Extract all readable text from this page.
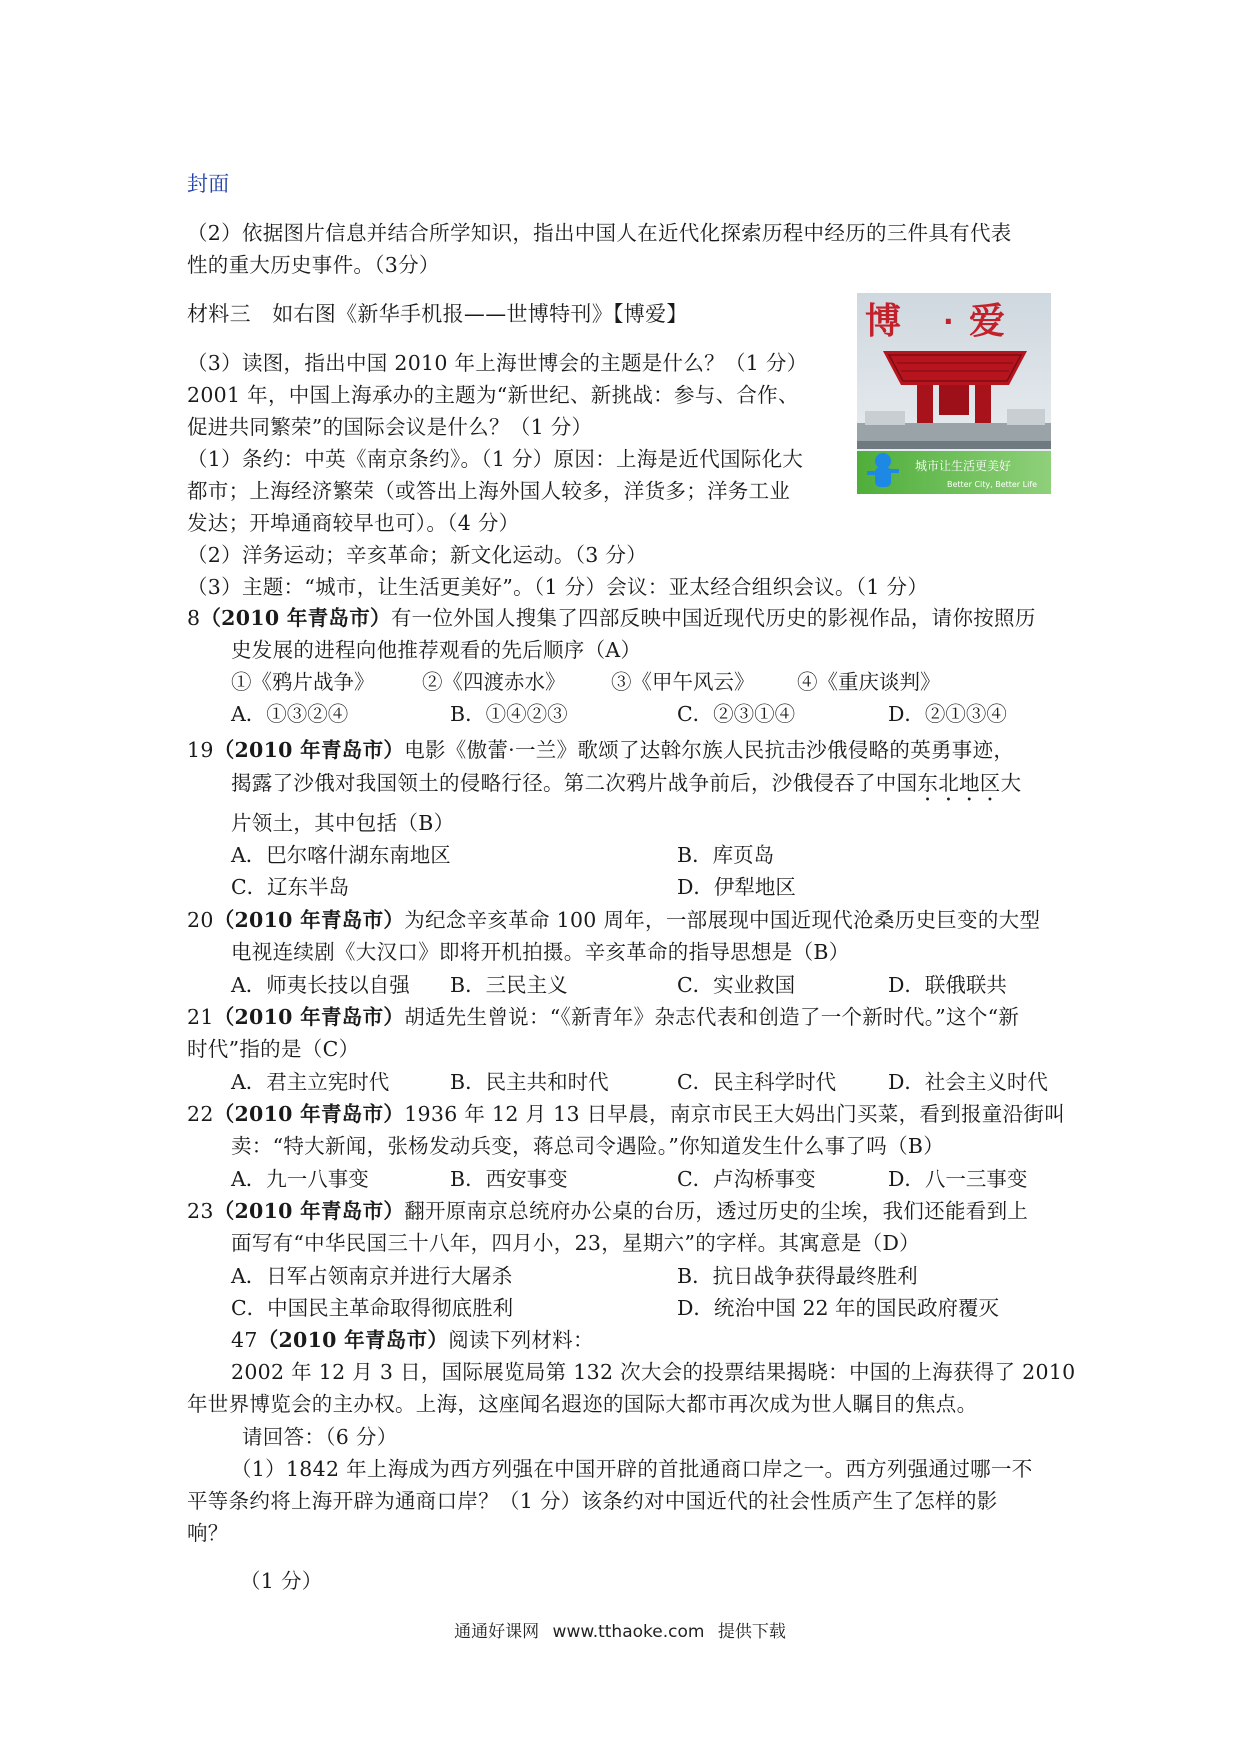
封面
（2）依据图片信息并结合所学知识，指出中国人在近代化探索历程中经历的三件具有代表
性的重大历史事件。（3分）
材料三　如右图《新华手机报——世博特刊》【博爱】
（3）读图，指出中国 2010 年上海世博会的主题是什么？（1 分）
2001 年，中国上海承办的主题为“新世纪、新挑战：参与、合作、
促进共同繁荣”的国际会议是什么？（1 分）
（1）条约：中英《南京条约》。（1 分）原因：上海是近代国际化大
都市；上海经济繁荣（或答出上海外国人较多，洋货多；洋务工业
发达；开埠通商较早也可）。（4 分）
（2）洋务运动；辛亥革命；新文化运动。（3 分）
（3）主题：“城市，让生活更美好”。（1 分）会议：亚太经合组织会议。（1 分）
博 · 爱
城市让生活更美好
Better City, Better Life
8（2010 年青岛市）有一位外国人搜集了四部反映中国近现代历史的影视作品，请你按照历
史发展的进程向他推荐观看的先后顺序（A）
①《鸦片战争》 ②《四渡赤水》 ③《甲午风云》 ④《重庆谈判》
A．①③②④	B．①④②③	C．②③①④	D．②①③④
19（2010 年青岛市）电影《傲蕾·一兰》歌颂了达斡尔族人民抗击沙俄侵略的英勇事迹，
揭露了沙俄对我国领土的侵略行径。第二次鸦片战争前后，沙俄侵吞了中国东北地区大
片领土，其中包括（B）
A．巴尔喀什湖东南地区	B．库页岛
C．辽东半岛	D．伊犁地区
20（2010 年青岛市）为纪念辛亥革命 100 周年，一部展现中国近现代沧桑历史巨变的大型
电视连续剧《大汉口》即将开机拍摄。辛亥革命的指导思想是（B）
A．师夷长技以自强 B．三民主义	C．实业救国	D．联俄联共
21（2010 年青岛市）胡适先生曾说：“《新青年》杂志代表和创造了一个新时代。”这个“新
时代”指的是（C）
A．君主立宪时代	B．民主共和时代	C．民主科学时代	D．社会主义时代
22（2010 年青岛市）1936 年 12 月 13 日早晨，南京市民王大妈出门买菜，看到报童沿街叫
卖：“特大新闻，张杨发动兵变，蒋总司令遇险。”你知道发生什么事了吗（B）
A．九一八事变	B．西安事变	C．卢沟桥事变	D．八一三事变
23（2010 年青岛市）翻开原南京总统府办公桌的台历，透过历史的尘埃，我们还能看到上
面写有“中华民国三十八年，四月小，23，星期六”的字样。其寓意是（D）
A．日军占领南京并进行大屠杀	B．抗日战争获得最终胜利
C．中国民主革命取得彻底胜利	D．统治中国 22 年的国民政府覆灭
47（2010 年青岛市）阅读下列材料：
2002 年 12 月 3 日，国际展览局第 132 次大会的投票结果揭晓：中国的上海获得了 2010
年世界博览会的主办权。上海，这座闻名遐迩的国际大都市再次成为世人瞩目的焦点。
请回答：（6 分）
（1）1842 年上海成为西方列强在中国开辟的首批通商口岸之一。西方列强通过哪一不
平等条约将上海开辟为通商口岸？（1 分）该条约对中国近代的社会性质产生了怎样的影
响？
（1 分）
通通好课网 www.tthaoke.com 提供下载
